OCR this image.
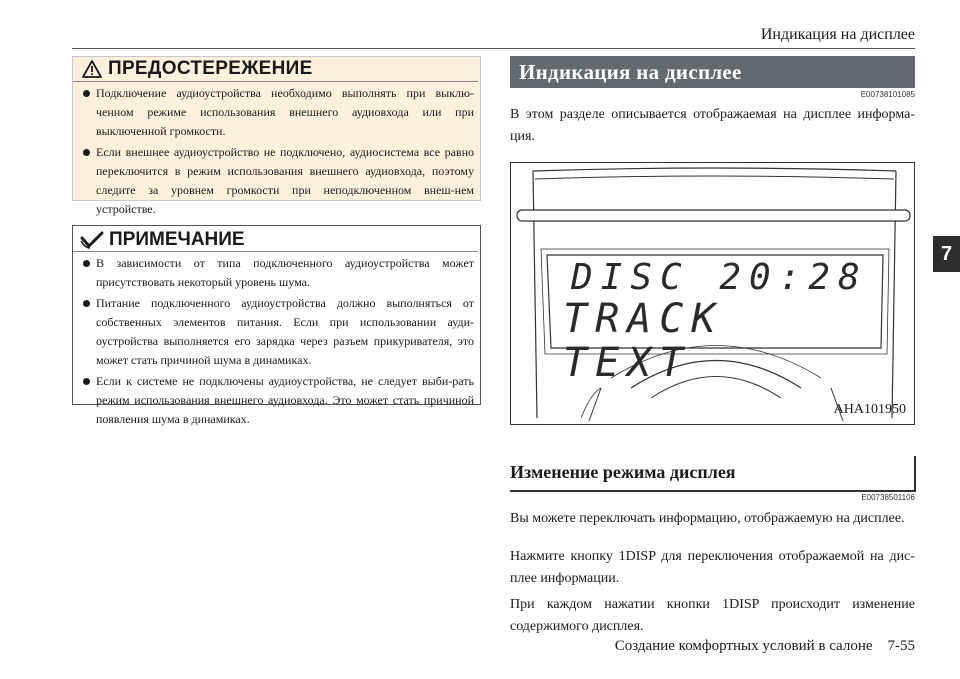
Индикация на дисплее
7
ПРЕДОСТЕРЕЖЕНИЕ
Подключение аудиоустройства необходимо выполнять при выклю-ченном режиме использования внешнего аудиовхода или при выключенной громкости.
Если внешнее аудиоустройство не подключено, аудиосистема все равно переключится в режим использования внешнего аудиовхода, поэтому следите за уровнем громкости при неподключенном внеш-нем устройстве.
ПРИМЕЧАНИЕ
В зависимости от типа подключенного аудиоустройства может присутствовать некоторый уровень шума.
Питание подключенного аудиоустройства должно выполняться от собственных элементов питания. Если при использовании ауди-оустройства выполняется его зарядка через разъем прикуривателя, это может стать причиной шума в динамиках.
Если к системе не подключены аудиоустройства, не следует выби-рать режим использования внешнего аудиовхода. Это может стать причиной появления шума в динамиках.
Индикация на дисплее
E00738101085
В этом разделе описывается отображаемая на дисплее информа-ция.
DISC 20:28
TRACK TEXT
AHA101950
Изменение режима дисплея
E00738501106
Вы можете переключать информацию, отображаемую на дисплее.
Нажмите кнопку 1DISP для переключения отображаемой на дис-плее информации.
При каждом нажатии кнопки 1DISP происходит изменение содержимого дисплея.
Создание комфортных условий в салоне    7-55
